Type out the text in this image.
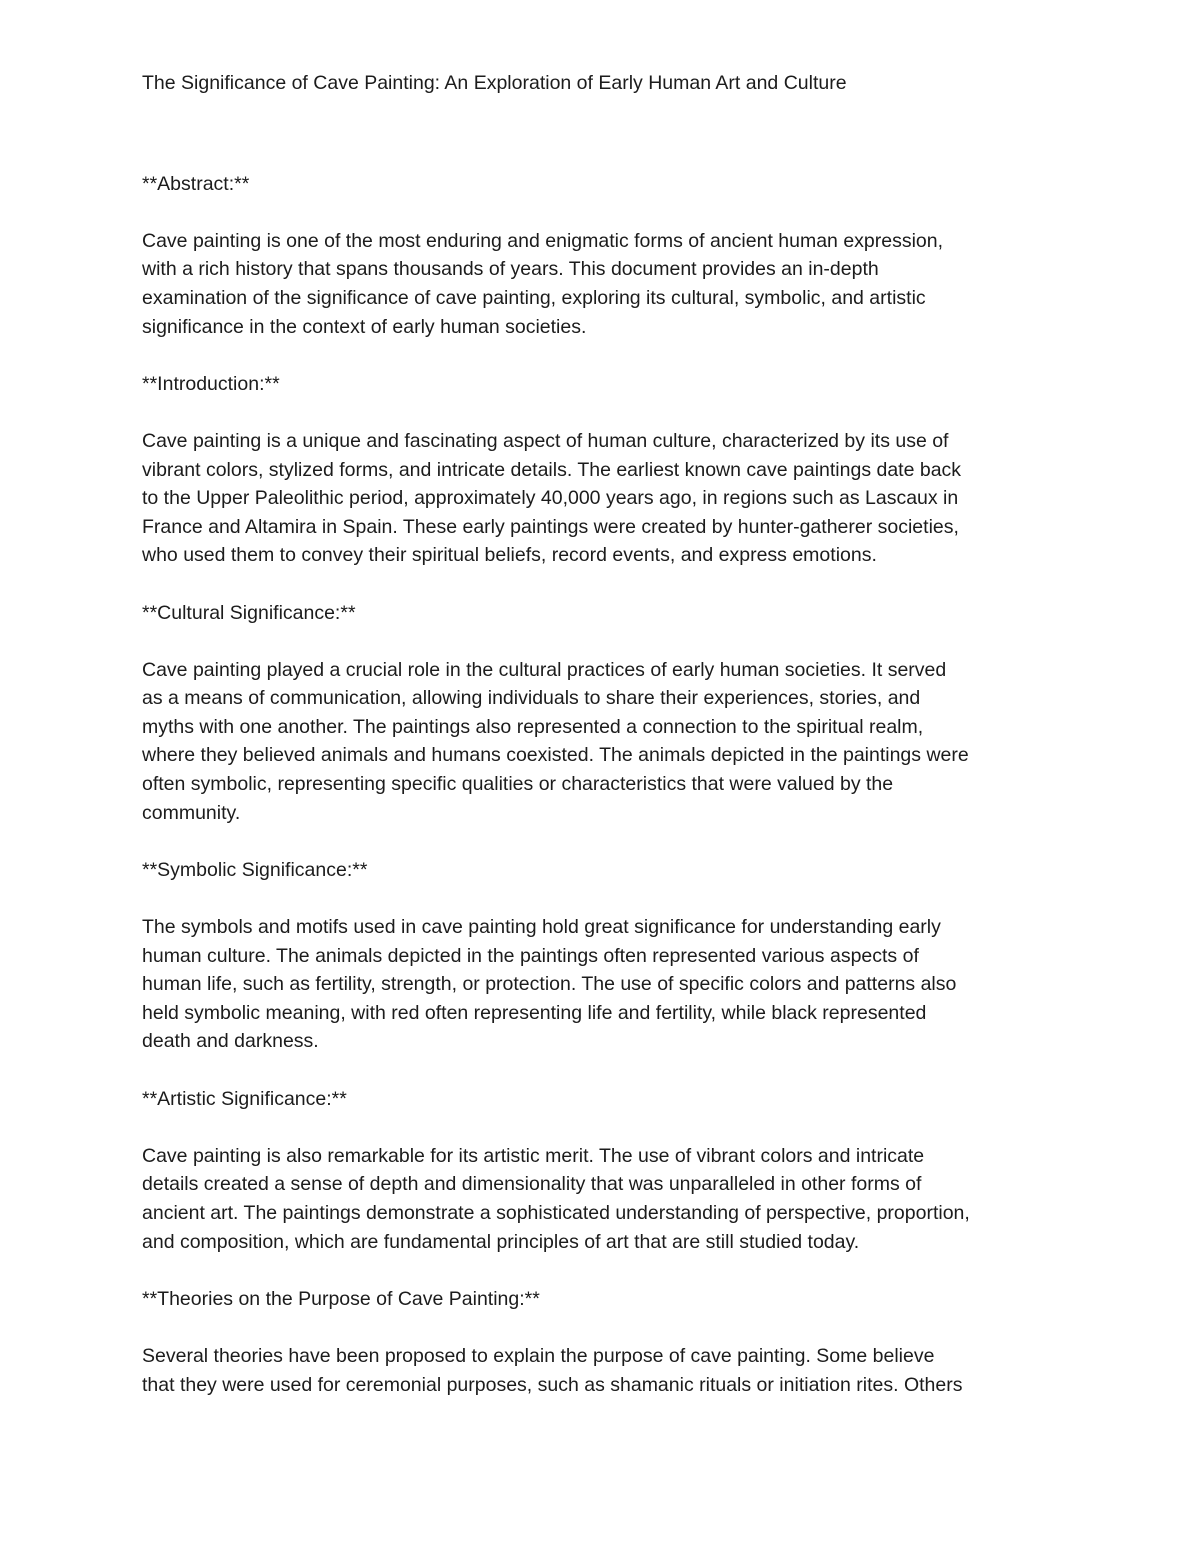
The Significance of Cave Painting: An Exploration of Early Human Art and Culture
**Abstract:**
Cave painting is one of the most enduring and enigmatic forms of ancient human expression,
with a rich history that spans thousands of years. This document provides an in-depth
examination of the significance of cave painting, exploring its cultural, symbolic, and artistic
significance in the context of early human societies.
**Introduction:**
Cave painting is a unique and fascinating aspect of human culture, characterized by its use of
vibrant colors, stylized forms, and intricate details. The earliest known cave paintings date back
to the Upper Paleolithic period, approximately 40,000 years ago, in regions such as Lascaux in
France and Altamira in Spain. These early paintings were created by hunter-gatherer societies,
who used them to convey their spiritual beliefs, record events, and express emotions.
**Cultural Significance:**
Cave painting played a crucial role in the cultural practices of early human societies. It served
as a means of communication, allowing individuals to share their experiences, stories, and
myths with one another. The paintings also represented a connection to the spiritual realm,
where they believed animals and humans coexisted. The animals depicted in the paintings were
often symbolic, representing specific qualities or characteristics that were valued by the
community.
**Symbolic Significance:**
The symbols and motifs used in cave painting hold great significance for understanding early
human culture. The animals depicted in the paintings often represented various aspects of
human life, such as fertility, strength, or protection. The use of specific colors and patterns also
held symbolic meaning, with red often representing life and fertility, while black represented
death and darkness.
**Artistic Significance:**
Cave painting is also remarkable for its artistic merit. The use of vibrant colors and intricate
details created a sense of depth and dimensionality that was unparalleled in other forms of
ancient art. The paintings demonstrate a sophisticated understanding of perspective, proportion,
and composition, which are fundamental principles of art that are still studied today.
**Theories on the Purpose of Cave Painting:**
Several theories have been proposed to explain the purpose of cave painting. Some believe
that they were used for ceremonial purposes, such as shamanic rituals or initiation rites. Others
